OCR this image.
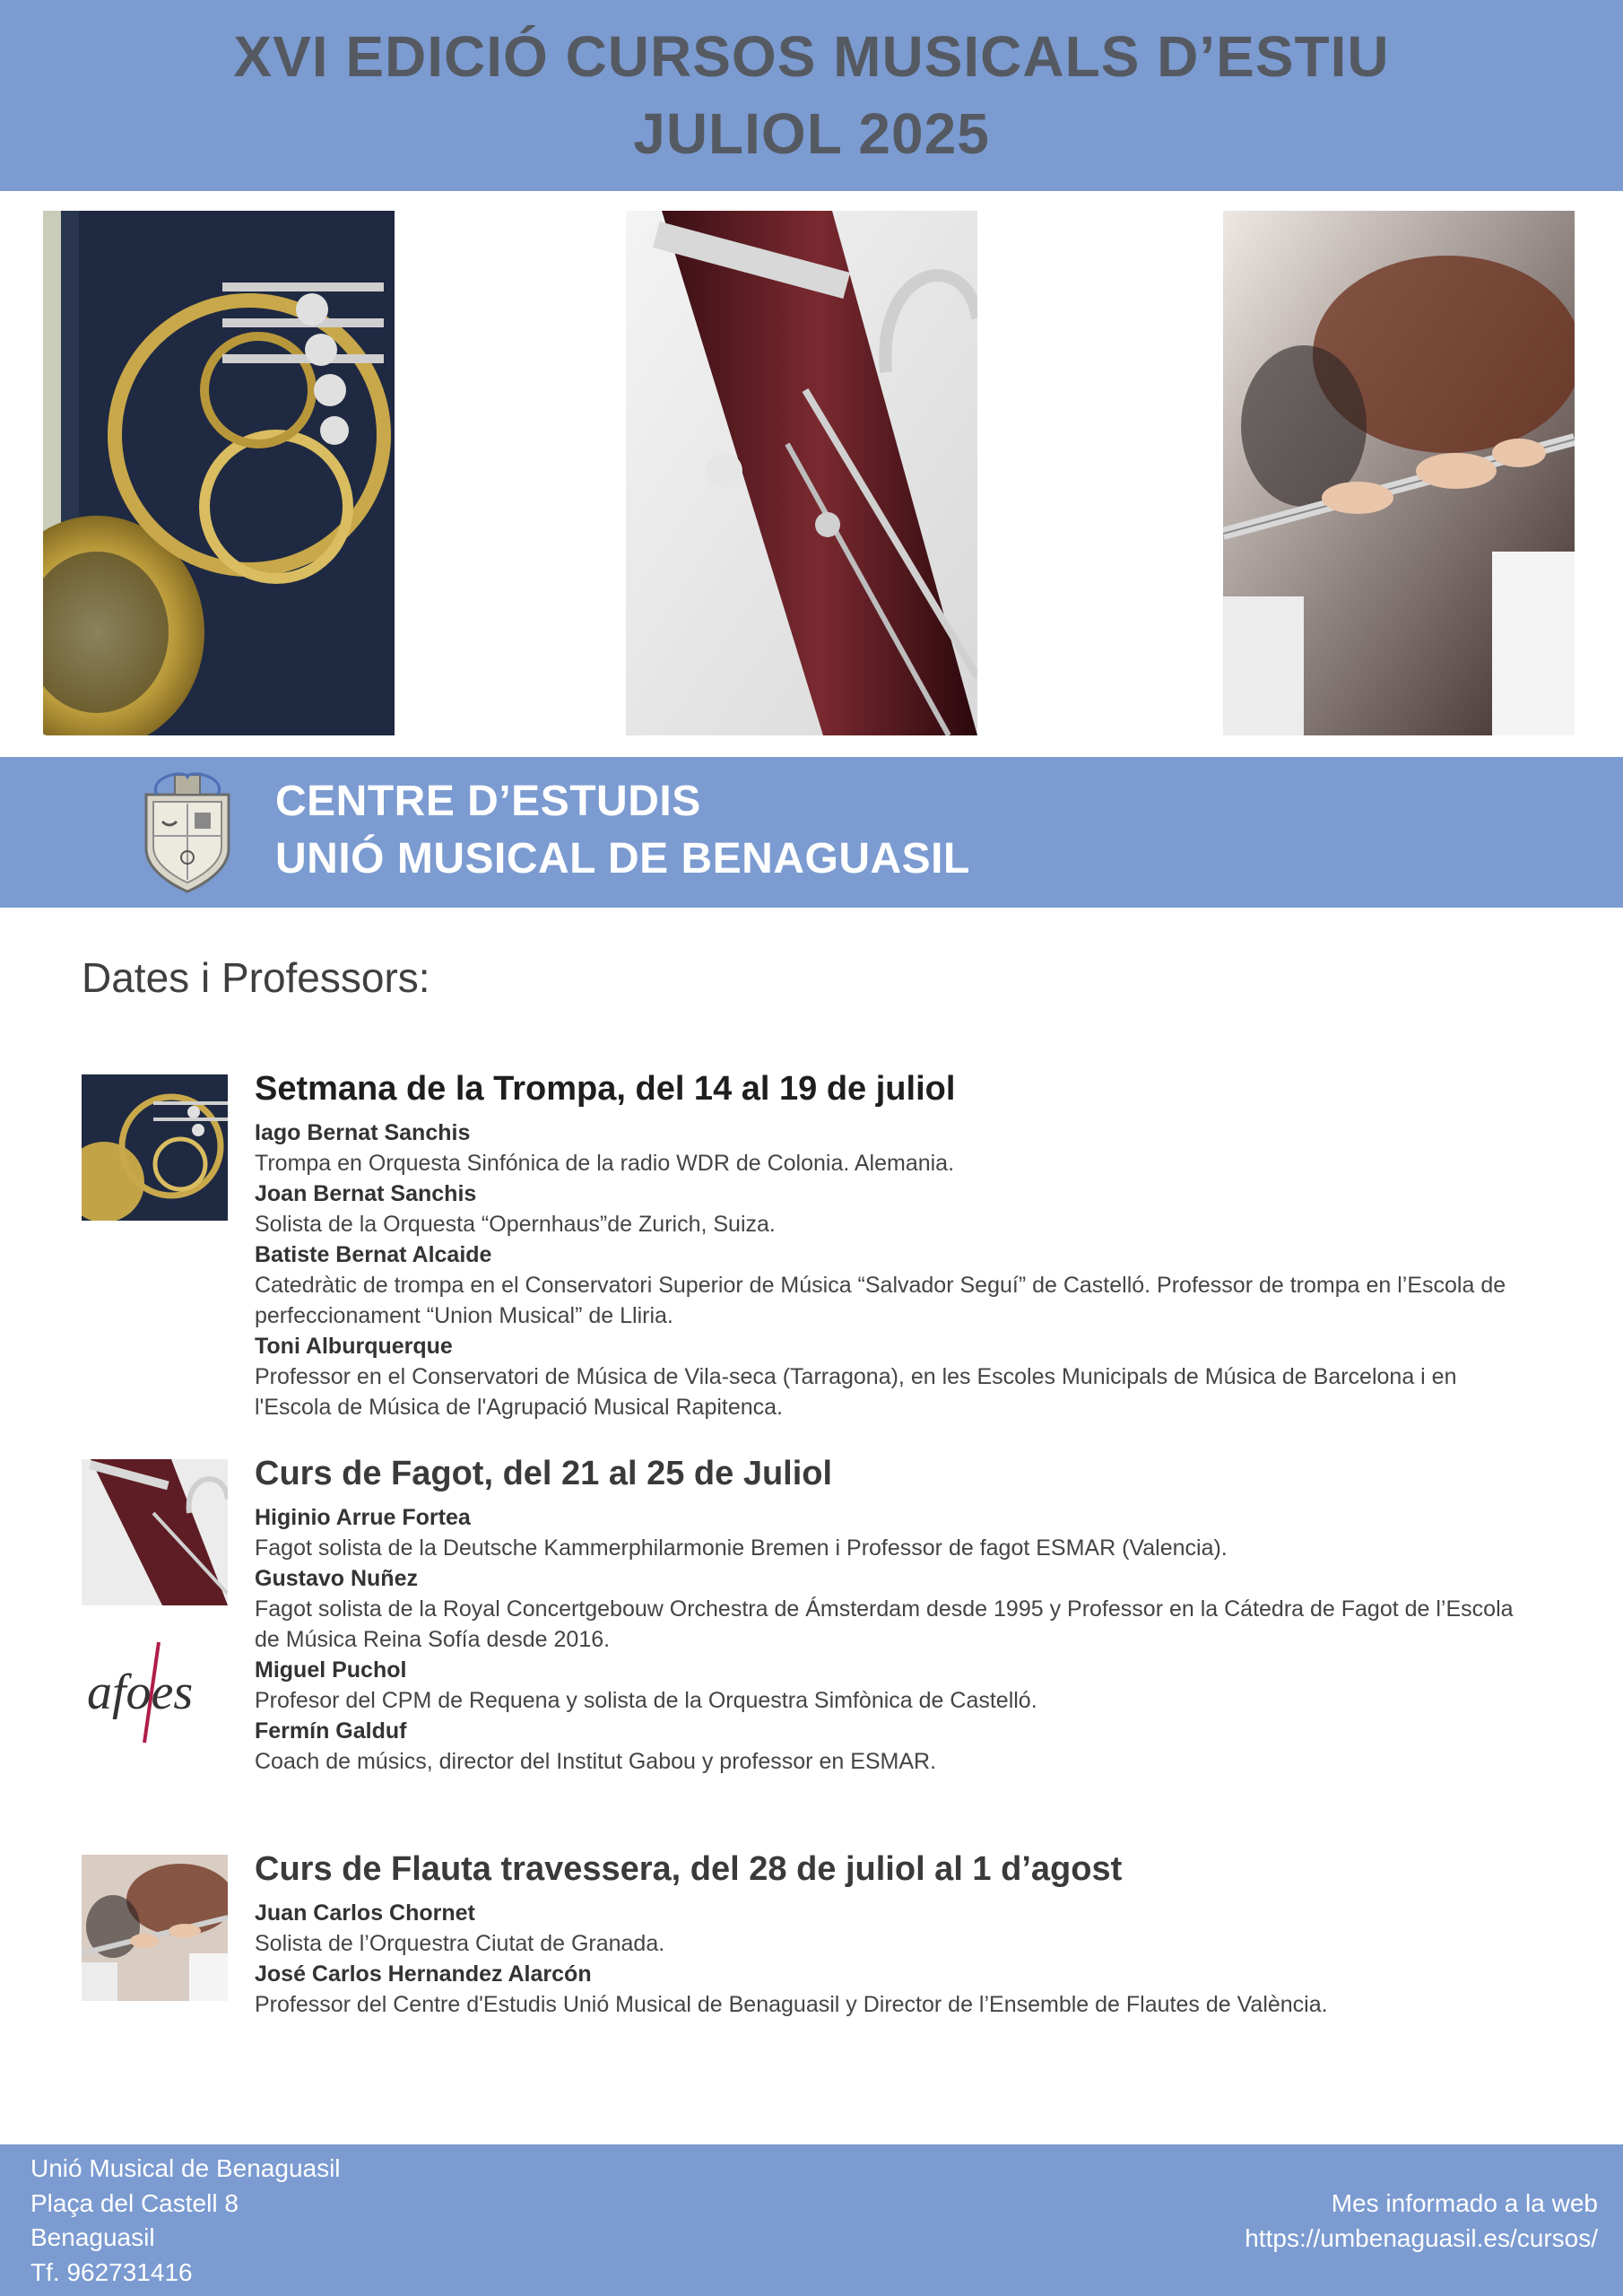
XVI EDICIÓ CURSOS MUSICALS D’ESTIU
JULIOL 2025
CENTRE D’ESTUDIS
UNIÓ MUSICAL DE BENAGUASIL
Dates i Professors:
Setmana de la Trompa, del 14 al 19 de juliol
Iago Bernat Sanchis
Trompa en Orquesta Sinfónica de la radio WDR de Colonia. Alemania.
Joan Bernat Sanchis
Solista de la Orquesta “Opernhaus”de Zurich, Suiza.
Batiste Bernat Alcaide
Catedràtic de trompa en el Conservatori Superior de Música “Salvador Seguí” de Castelló. Professor de trompa en l’Escola de perfeccionament “Union Musical” de Lliria.
Toni Alburquerque
Professor en el Conservatori de Música de Vila-seca (Tarragona), en les Escoles Municipals de Música de Barcelona i en l'Escola de Música de l'Agrupació Musical Rapitenca.
Curs de Fagot, del 21 al 25 de Juliol
Higinio Arrue Fortea
Fagot solista de la Deutsche Kammerphilarmonie Bremen i Professor de fagot ESMAR (Valencia).
Gustavo Nuñez
Fagot solista de la Royal Concertgebouw Orchestra de Ámsterdam desde 1995 y Professor en la Cátedra de Fagot de l’Escola de Música Reina Sofía desde 2016.
Miguel Puchol
Profesor del CPM de Requena y solista de la Orquestra Simfònica de Castelló.
Fermín Galduf
Coach de músics, director del Institut Gabou y professor en ESMAR.
afoes
Curs de Flauta travessera, del 28 de juliol al 1 d’agost
Juan Carlos Chornet
Solista de l’Orquestra Ciutat de Granada.
José Carlos Hernandez Alarcón
Professor del Centre d'Estudis Unió Musical de Benaguasil y Director de l’Ensemble de Flautes de València.
Unió Musical de Benaguasil
Plaça del Castell 8
Benaguasil
Tf. 962731416
Mes informado a la web
https://umbenaguasil.es/cursos/
